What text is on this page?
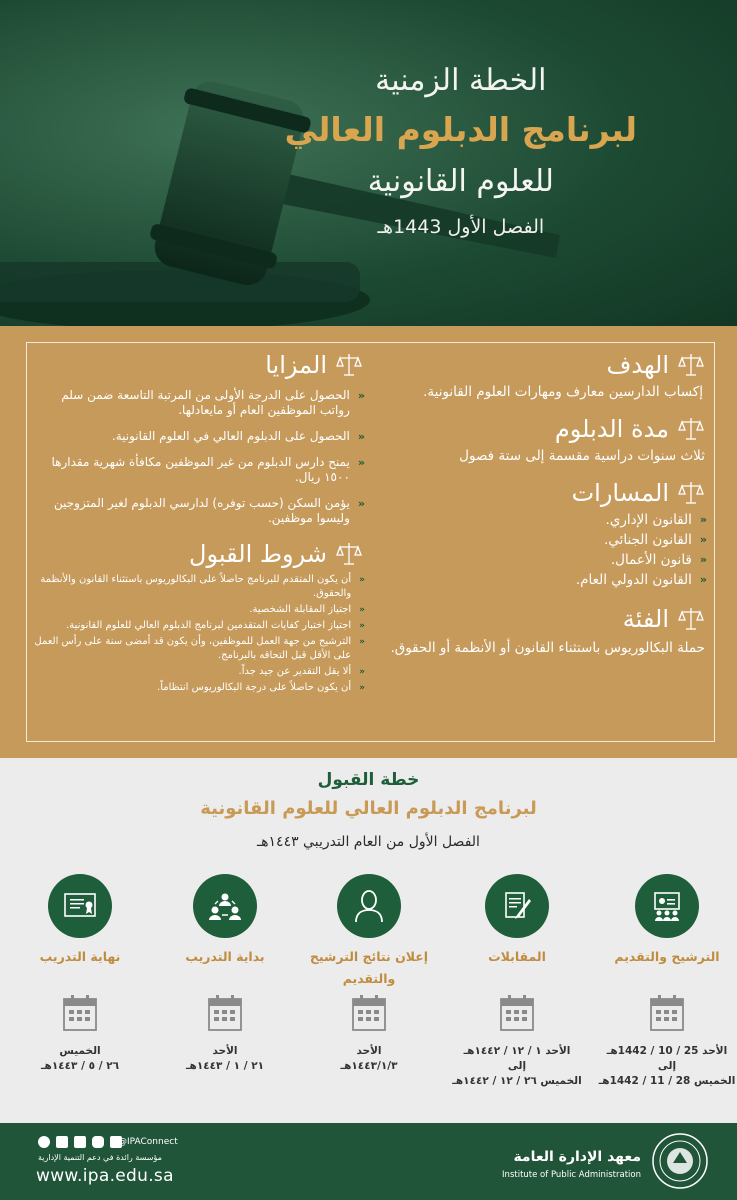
الخطة الزمنية
لبرنامج الدبلوم العالي
للعلوم القانونية
الفصل الأول 1443هـ
الهدف
إكساب الدارسين معارف ومهارات العلوم القانونية.
مدة الدبلوم
ثلاث سنوات دراسية مقسمة إلى ستة فصول
المسارات
«
القانون الإداري.
«
القانون الجنائي.
«
قانون الأعمال.
«
القانون الدولي العام.
الفئة
حملة البكالوريوس باستثناء القانون أو الأنظمة أو الحقوق.
المزايا
«
الحصول على الدرجة الأولى من المرتبة التاسعة ضمن سلم رواتب الموظفين العام أو مايعادلها.
«
الحصول على الدبلوم العالي في العلوم القانونية.
«
يمنح دارس الدبلوم من غير الموظفين مكافأة شهرية مقدارها ١٥٠٠ ريال.
«
يؤمن السكن (حسب توفره) لدارسي الدبلوم لغير المتزوجين وليسوا موظفين.
شروط القبول
«
أن يكون المتقدم للبرنامج حاصلاً على البكالوريوس باستثناء القانون والأنظمة والحقوق.
«
اجتياز المقابلة الشخصية.
«
اجتياز اختبار كفايات المتقدمين لبرنامج الدبلوم العالي للعلوم القانونية.
«
الترشيح من جهة العمل للموظفين، وأن يكون قد أمضى سنة على رأس العمل على الأقل قبل التحاقه بالبرنامج.
«
ألا يقل التقدير عن جيد جداً.
«
أن يكون حاصلاً على درجة البكالوريوس انتظاماً.
خطة القبول
لبرنامج الدبلوم العالي للعلوم القانونية
الفصل الأول من العام التدريبي ١٤٤٣هـ
الترشيح والتقديم
المقابلات
إعلان نتائج الترشيح والتقديم
بداية التدريب
نهاية التدريب
الأحد 25 / 10 / 1442هـ
إلى
الخميس 28 / 11 / 1442هـ
الأحد ١ / ١٢ / ١٤٤٢هـ
إلى
الخميس ٢٦ / ١٢ / ١٤٤٢هـ
الأحد
١٤٤٣/١/٣هـ
الأحد
٢١ / ١ / ١٤٤٣هـ
الخميس
٢٦ / ٥ / ١٤٤٣هـ
@IPAConnect
مؤسسة رائدة في دعم التنمية الإدارية
www.ipa.edu.sa
معهد الإدارة العامة
Institute of Public Administration
